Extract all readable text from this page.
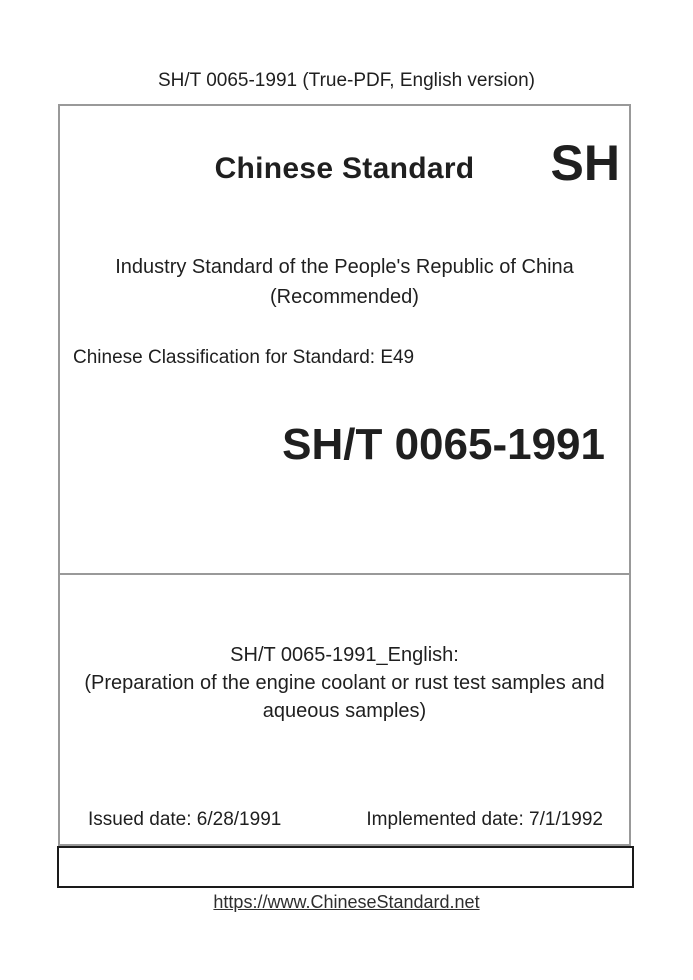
SH/T 0065-1991 (True-PDF, English version)
Chinese Standard	SH
Industry Standard of the People's Republic of China
(Recommended)
Chinese Classification for Standard: E49
SH/T 0065-1991
SH/T 0065-1991_English:
(Preparation of the engine coolant or rust test samples and
aqueous samples)
Issued date: 6/28/1991	Implemented date: 7/1/1992
https://www.ChineseStandard.net
